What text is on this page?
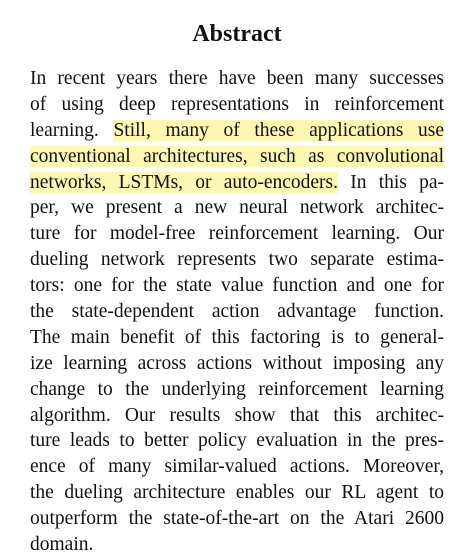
Abstract
In recent years there have been many successes
of using deep representations in reinforcement
learning. Still, many of these applications use
conventional architectures, such as convolutional
networks, LSTMs, or auto-encoders. In this pa-
per, we present a new neural network architec-
ture for model-free reinforcement learning. Our
dueling network represents two separate estima-
tors: one for the state value function and one for
the state-dependent action advantage function.
The main benefit of this factoring is to general-
ize learning across actions without imposing any
change to the underlying reinforcement learning
algorithm. Our results show that this architec-
ture leads to better policy evaluation in the pres-
ence of many similar-valued actions. Moreover,
the dueling architecture enables our RL agent to
outperform the state-of-the-art on the Atari 2600
domain.
